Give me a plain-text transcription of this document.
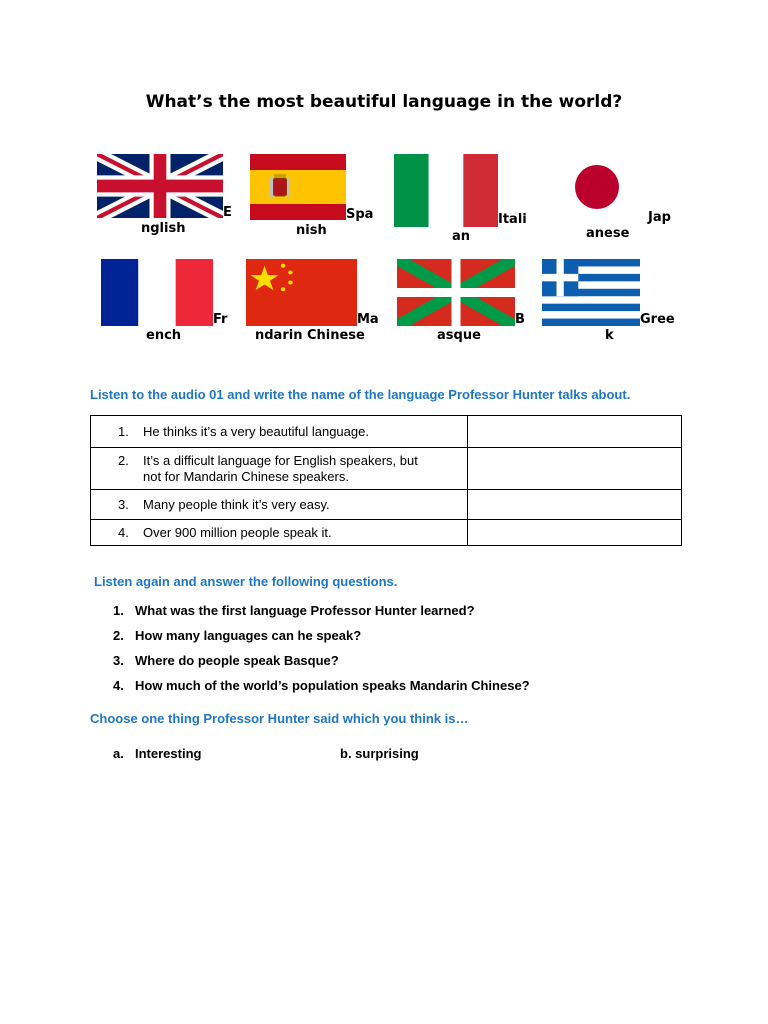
What’s the most beautiful language in the world?
E
nglish
Spa
nish
Itali
an
Jap
anese
Fr
ench
Ma
ndarin Chinese
B
asque
Gree
k
Listen to the audio 01 and write the name of the language Professor Hunter talks about.
1. He thinks it’s a very beautiful language.	

2. It’s a difficult language for English speakers, but not for Mandarin Chinese speakers.	

3. Many people think it’s very easy.	

4. Over 900 million people speak it.	

Listen again and answer the following questions.
1. What was the first language Professor Hunter learned?
2. How many languages can he speak?
3. Where do people speak Basque?
4. How much of the world’s population speaks Mandarin Chinese?
Choose one thing Professor Hunter said which you think is…
a. Interesting	b. surprising
